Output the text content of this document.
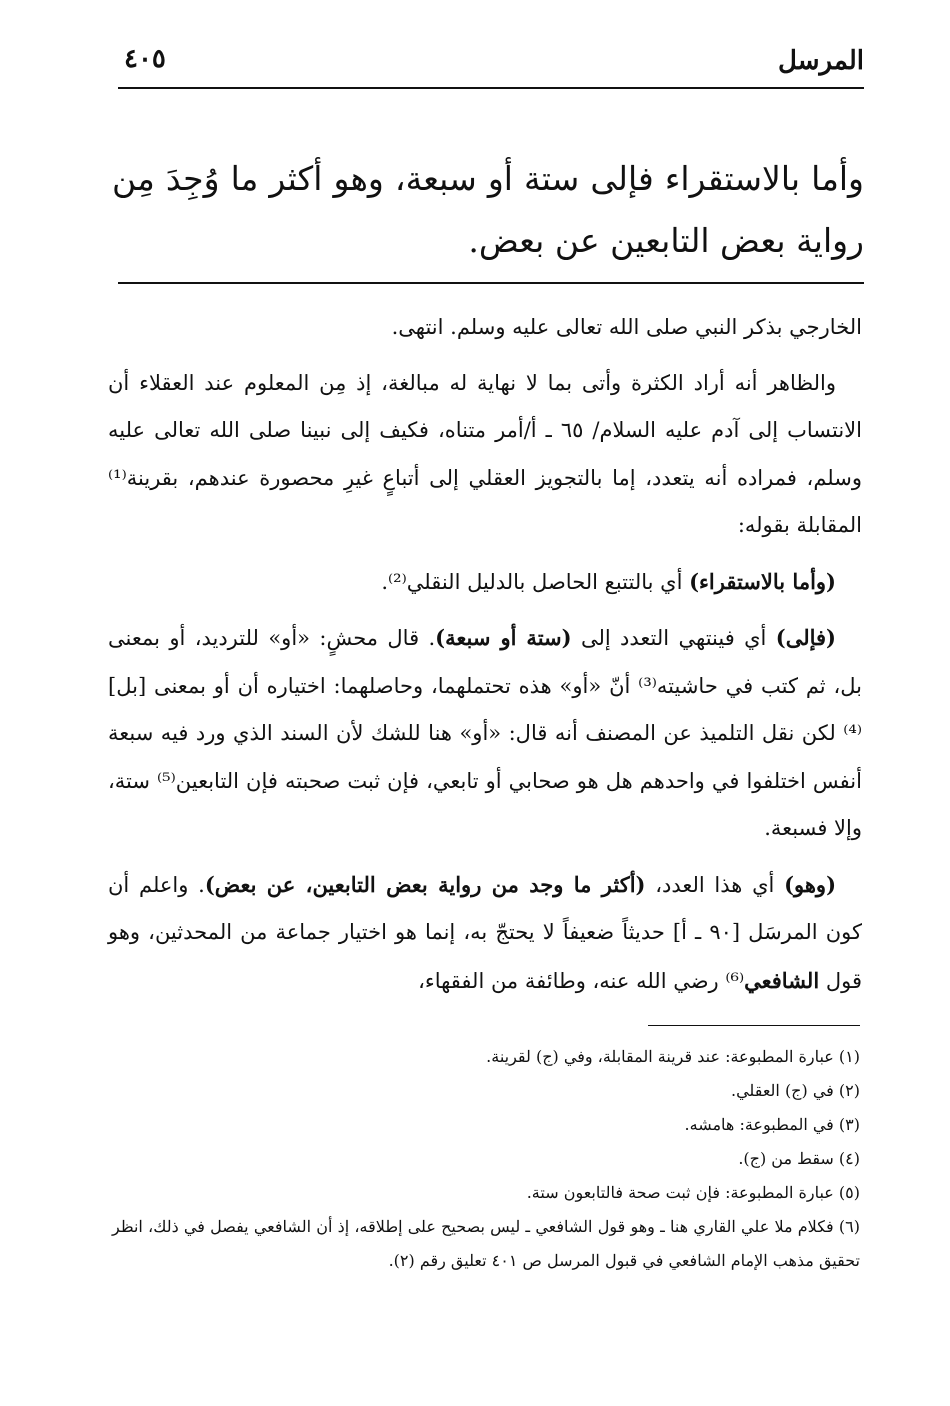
المرسل
٤٠٥

وأما بالاستقراء فإلى ستة أو سبعة، وهو أكثر ما وُجِدَ مِن رواية بعض التابعين عن بعض.

الخارجي بذكر النبي صلى الله تعالى عليه وسلم. انتهى.

والظاهر أنه أراد الكثرة وأتى بما لا نهاية له مبالغة، إذ مِن المعلوم عند العقلاء أن الانتساب إلى آدم عليه السلام/ ٦٥ ـ أ/أمر متناه، فكيف إلى نبينا صلى الله تعالى عليه وسلم، فمراده أنه يتعدد، إما بالتجويز العقلي إلى أتباعٍ غيرِ محصورة عندهم، بقرينة⁽¹⁾ المقابلة بقوله:

(وأما بالاستقراء) أي بالتتبع الحاصل بالدليل النقلي⁽²⁾.

(فإلى) أي فينتهي التعدد إلى (ستة أو سبعة). قال محشٍ: «أو» للترديد، أو بمعنى بل، ثم كتب في حاشيته⁽³⁾ أنّ «أو» هذه تحتملهما، وحاصلهما: اختياره أن أو بمعنى [بل]⁽⁴⁾ لكن نقل التلميذ عن المصنف أنه قال: «أو» هنا للشك لأن السند الذي ورد فيه سبعة أنفس اختلفوا في واحدهم هل هو صحابي أو تابعي، فإن ثبت صحبته فإن التابعين⁽⁵⁾ ستة، وإلا فسبعة.

(وهو) أي هذا العدد، (أكثر ما وجد من رواية بعض التابعين، عن بعض). واعلم أن كون المرسَل [٩٠ ـ أ] حديثاً ضعيفاً لا يحتجّ به، إنما هو اختيار جماعة من المحدثين، وهو قول الشافعي⁽⁶⁾ رضي الله عنه، وطائفة من الفقهاء،

(١) عبارة المطبوعة: عند قرينة المقابلة، وفي (ج) لقرينة.

(٢) في (ج) العقلي.

(٣) في المطبوعة: هامشه.

(٤) سقط من (ج).

(٥) عبارة المطبوعة: فإن ثبت صحة فالتابعون ستة.

(٦) فكلام ملا علي القاري هنا ـ وهو قول الشافعي ـ ليس بصحيح على إطلاقه، إذ أن الشافعي يفصل في ذلك، انظر تحقيق مذهب الإمام الشافعي في قبول المرسل ص ٤٠١ تعليق رقم (٢).
